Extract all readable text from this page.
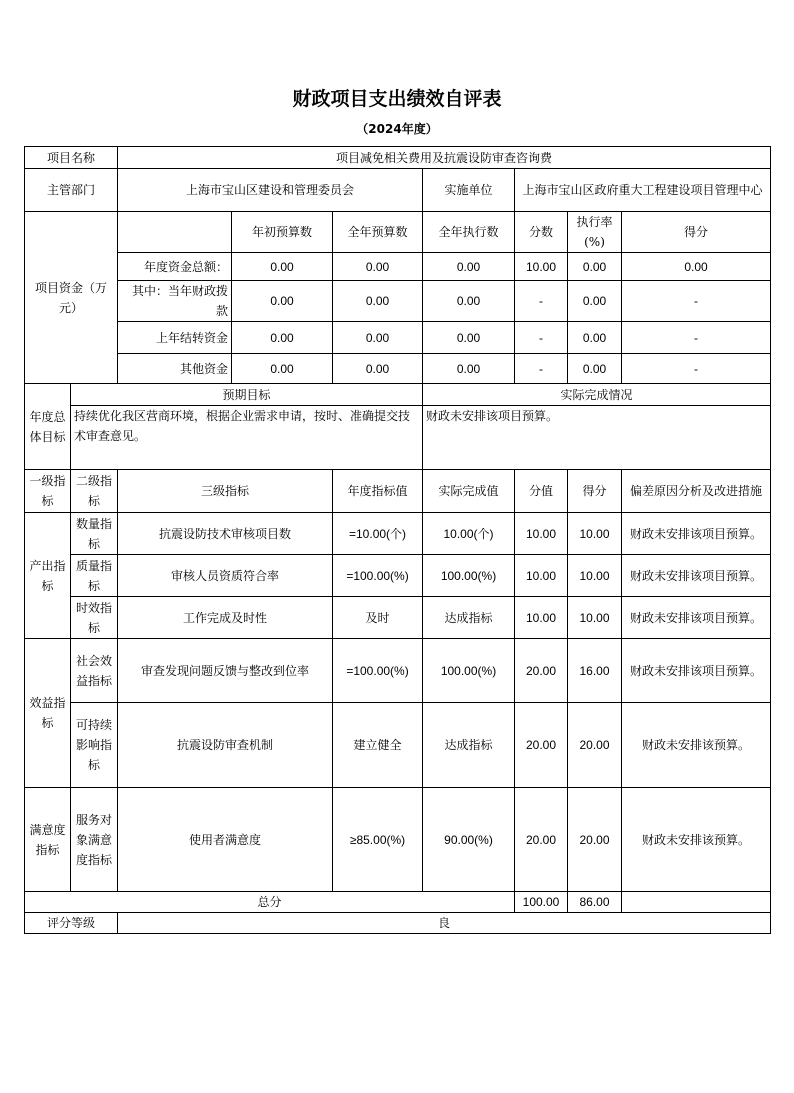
财政项目支出绩效自评表
（2024年度）
项目名称		项目减免相关费用及抗震设防审查咨询费						
主管部门		上海市宝山区建设和管理委员会			实施单位	上海市宝山区政府重大工程建设项目管理中心		
项目资金（万元）			年初预算数	全年预算数	全年执行数	分数	执行率(%)	得分
		年度资金总额：	0.00	0.00	0.00	10.00	0.00	0.00
		其中：当年财政拨款	0.00	0.00	0.00	-	0.00	-
		上年结转资金	0.00	0.00	0.00	-	0.00	-
		其他资金	0.00	0.00	0.00	-	0.00	-
年度总体目标	预期目标				实际完成情况			
	持续优化我区营商环境，根据企业需求申请，按时、准确提交技术审查意见。				财政未安排该项目预算。			
一级指标	二级指标	三级指标		年度指标值	实际完成值	分值	得分	偏差原因分析及改进措施
产出指标	数量指标	抗震设防技术审核项目数		=10.00(个)	10.00(个)	10.00	10.00	财政未安排该项目预算。
	质量指标	审核人员资质符合率		=100.00(%)	100.00(%)	10.00	10.00	财政未安排该项目预算。
	时效指标	工作完成及时性		及时	达成指标	10.00	10.00	财政未安排该项目预算。
效益指标	社会效益指标	审查发现问题反馈与整改到位率		=100.00(%)	100.00(%)	20.00	16.00	财政未安排该项目预算。
	可持续影响指标	抗震设防审查机制		建立健全	达成指标	20.00	20.00	财政未安排该预算。
满意度指标	服务对象满意度指标	使用者满意度		≥85.00(%)	90.00(%)	20.00	20.00	财政未安排该预算。
总分						100.00	86.00	
评分等级		良						
